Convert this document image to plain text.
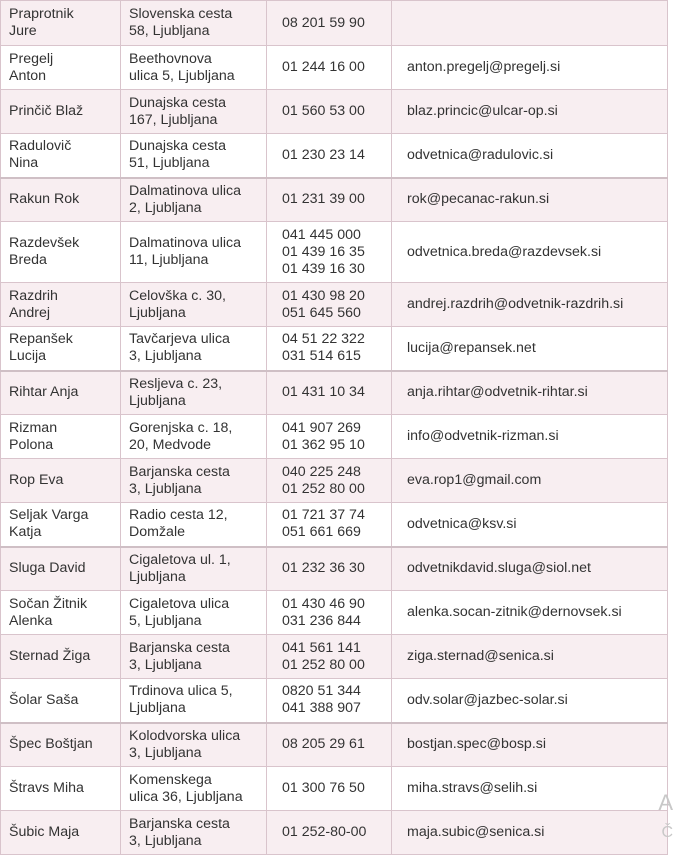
Praprotnik
Jure	Slovenska cesta
58, Ljubljana	08 201 59 90	

Pregelj
Anton	Beethovnova
ulica 5, Ljubljana	01 244 16 00	anton.pregelj@pregelj.si

Prinčič Blaž	Dunajska cesta
167, Ljubljana	01 560 53 00	blaz.princic@ulcar-op.si

Radulovič
Nina	Dunajska cesta
51, Ljubljana	01 230 23 14	odvetnica@radulovic.si

Rakun Rok	Dalmatinova ulica
2, Ljubljana	01 231 39 00	rok@pecanac-rakun.si

Razdevšek
Breda	Dalmatinova ulica
11, Ljubljana	041 445 000
01 439 16 35
01 439 16 30	odvetnica.breda@razdevsek.si

Razdrih
Andrej	Celovška c. 30,
Ljubljana	01 430 98 20
051 645 560	andrej.razdrih@odvetnik-razdrih.si

Repanšek
Lucija	Tavčarjeva ulica
3, Ljubljana	04 51 22 322
031 514 615	lucija@repansek.net

Rihtar Anja	Resljeva c. 23,
Ljubljana	01 431 10 34	anja.rihtar@odvetnik-rihtar.si

Rizman
Polona	Gorenjska c. 18,
20, Medvode	041 907 269
01 362 95 10	info@odvetnik-rizman.si

Rop Eva	Barjanska cesta
3, Ljubljana	040 225 248
01 252 80 00	eva.rop1@gmail.com

Seljak Varga
Katja	Radio cesta 12,
Domžale	01 721 37 74
051 661 669	odvetnica@ksv.si

Sluga David	Cigaletova ul. 1,
Ljubljana	01 232 36 30	odvetnikdavid.sluga@siol.net

Sočan Žitnik
Alenka	Cigaletova ulica
5, Ljubljana	01 430 46 90
031 236 844	alenka.socan-zitnik@dernovsek.si

Sternad Žiga	Barjanska cesta
3, Ljubljana	041 561 141
01 252 80 00	ziga.sternad@senica.si

Šolar Saša	Trdinova ulica 5,
Ljubljana	0820 51 344
041 388 907	odv.solar@jazbec-solar.si

Špec Boštjan	Kolodvorska ulica
3, Ljubljana	08 205 29 61	bostjan.spec@bosp.si

Štravs Miha	Komenskega
ulica 36, Ljubljana	01 300 76 50	miha.stravs@selih.si

Šubic Maja	Barjanska cesta
3, Ljubljana	01 252-80-00	maja.subic@senica.si
A
Č
